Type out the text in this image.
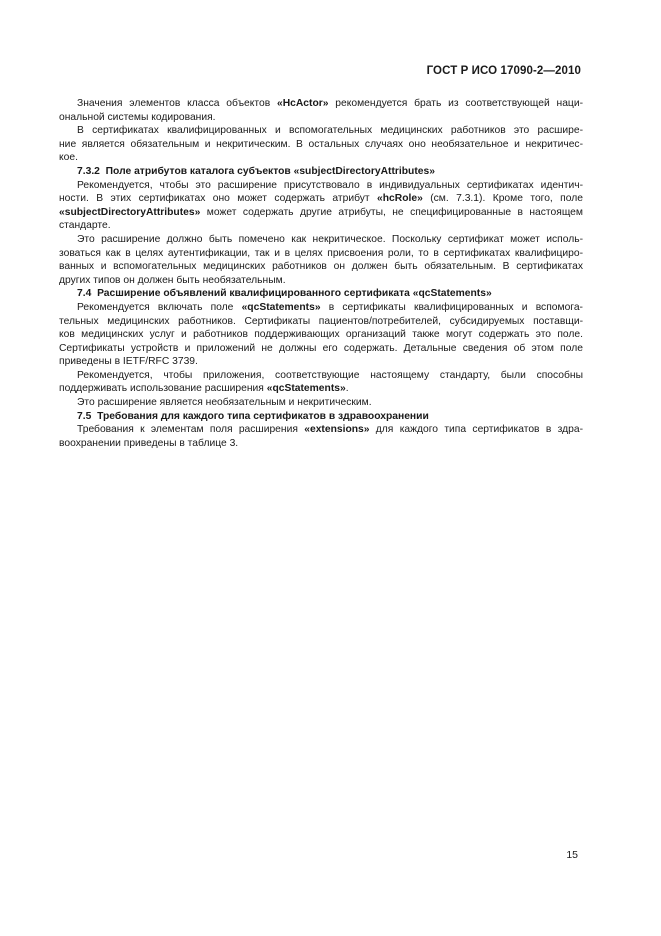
ГОСТ Р ИСО 17090-2—2010
Значения элементов класса объектов «HcActor» рекомендуется брать из соответствующей наци-
ональной системы кодирования.
В сертификатах квалифицированных и вспомогательных медицинских работников это расшире-
ние является обязательным и некритическим. В остальных случаях оно необязательное и некритичес-
кое.
7.3.2 Поле атрибутов каталога субъектов «subjectDirectoryAttributes»
Рекомендуется, чтобы это расширение присутствовало в индивидуальных сертификатах идентич-
ности. В этих сертификатах оно может содержать атрибут «hcRole» (см. 7.3.1). Кроме того, поле
«subjectDirectoryAttributes» может содержать другие атрибуты, не специфицированные в настоящем
стандарте.
Это расширение должно быть помечено как некритическое. Поскольку сертификат может исполь-
зоваться как в целях аутентификации, так и в целях присвоения роли, то в сертификатах квалифициро-
ванных и вспомогательных медицинских работников он должен быть обязательным. В сертификатах
других типов он должен быть необязательным.
7.4 Расширение объявлений квалифицированного сертификата «qcStatements»
Рекомендуется включать поле «qcStatements» в сертификаты квалифицированных и вспомога-
тельных медицинских работников. Сертификаты пациентов/потребителей, субсидируемых поставщи-
ков медицинских услуг и работников поддерживающих организаций также могут содержать это поле.
Сертификаты устройств и приложений не должны его содержать. Детальные сведения об этом поле
приведены в IETF/RFC 3739.
Рекомендуется, чтобы приложения, соответствующие настоящему стандарту, были способны
поддерживать использование расширения «qcStatements».
Это расширение является необязательным и некритическим.
7.5 Требования для каждого типа сертификатов в здравоохранении
Требования к элементам поля расширения «extensions» для каждого типа сертификатов в здра-
воохранении приведены в таблице 3.
15
